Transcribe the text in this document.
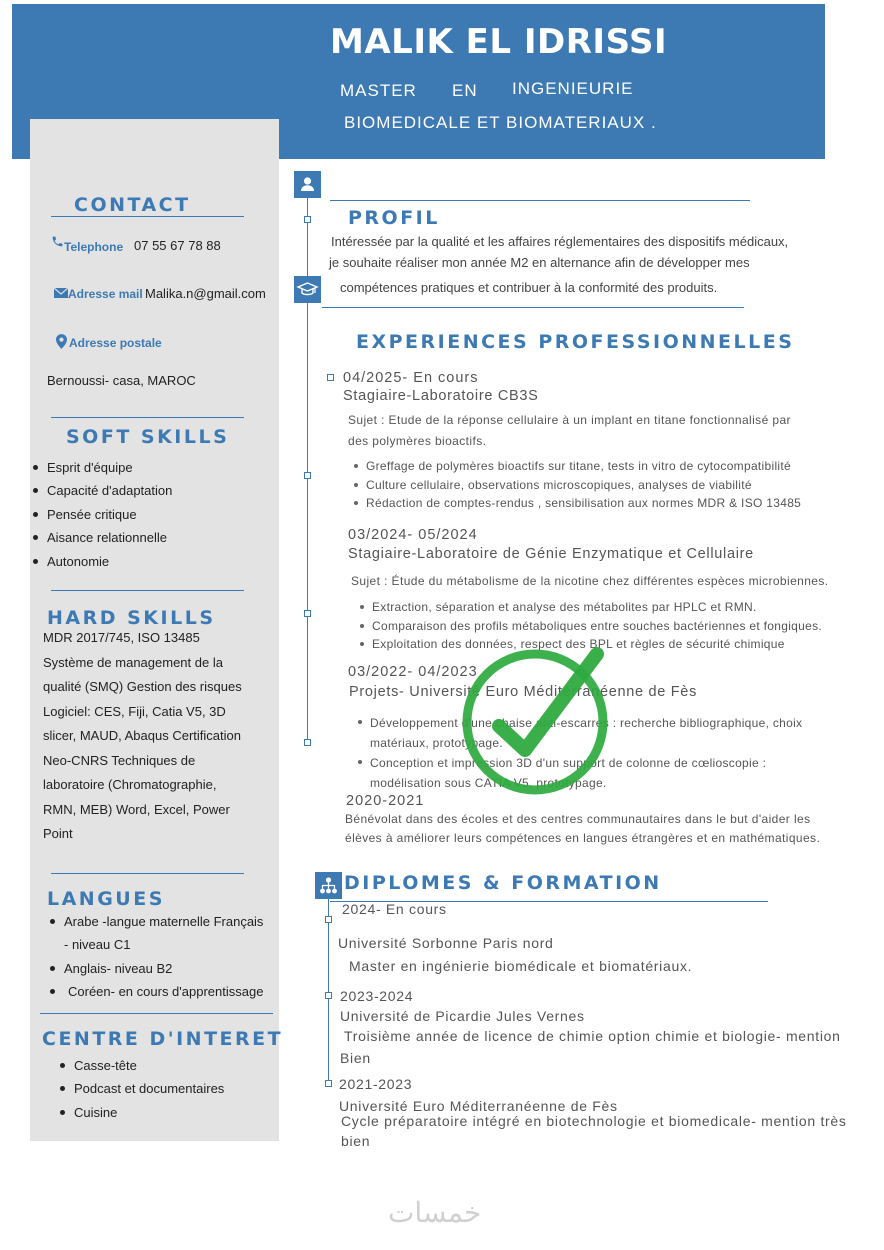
MALIK EL IDRISSI
MASTER EN INGENIEURIE
BIOMEDICALE ET BIOMATERIAUX .
CONTACT
Telephone 07 55 67 78 88
Adresse mail Malika.n@gmail.com
Adresse postale
Bernoussi- casa, MAROC
SOFT SKILLS
Esprit d'équipe
Capacité d'adaptation
Pensée critique
Aisance relationnelle
Autonomie
HARD SKILLS
MDR 2017/745, ISO 13485
Système de management de la
qualité (SMQ) Gestion des risques
Logiciel: CES, Fiji, Catia V5, 3D
slicer, MAUD, Abaqus Certification
Neo-CNRS Techniques de
laboratoire (Chromatographie,
RMN, MEB) Word, Excel, Power
Point
LANGUES
Arabe -langue maternelle Français
- niveau C1
Anglais- niveau B2
Coréen- en cours d'apprentissage
CENTRE D'INTERET
Casse-tête
Podcast et documentaires
Cuisine
PROFIL
Intéressée par la qualité et les affaires réglementaires des dispositifs médicaux,
je souhaite réaliser mon année M2 en alternance afin de développer mes
compétences pratiques et contribuer à la conformité des produits.
EXPERIENCES PROFESSIONNELLES
04/2025- En cours
Stagiaire-Laboratoire CB3S
Sujet : Etude de la réponse cellulaire à un implant en titane fonctionnalisé par
des polymères bioactifs.
Greffage de polymères bioactifs sur titane, tests in vitro de cytocompatibilité
Culture cellulaire, observations microscopiques, analyses de viabilité
Rédaction de comptes-rendus , sensibilisation aux normes MDR & ISO 13485
03/2024- 05/2024
Stagiaire-Laboratoire de Génie Enzymatique et Cellulaire
Sujet : Étude du métabolisme de la nicotine chez différentes espèces microbiennes.
Extraction, séparation et analyse des métabolites par HPLC et RMN.
Comparaison des profils métaboliques entre souches bactériennes et fongiques.
Exploitation des données, respect des BPL et règles de sécurité chimique
03/2022- 04/2023
Projets- Université Euro Méditerranéenne de Fès
Développement d'une chaise anti-escarres : recherche bibliographique, choix
matériaux, prototypage.
Conception et impression 3D d'un support de colonne de cœlioscopie :
modélisation sous CATIA V5, prototypage.
2020-2021
Bénévolat dans des écoles et des centres communautaires dans le but d'aider les
élèves à améliorer leurs compétences en langues étrangères et en mathématiques.
DIPLOMES & FORMATION
2024- En cours
Université Sorbonne Paris nord
Master en ingénierie biomédicale et biomatériaux.
2023-2024
Université de Picardie Jules Vernes
Troisième année de licence de chimie option chimie et biologie- mention
Bien
2021-2023
Université Euro Méditerranéenne de Fès
Cycle préparatoire intégré en biotechnologie et biomedicale- mention très
bien
خمسات
